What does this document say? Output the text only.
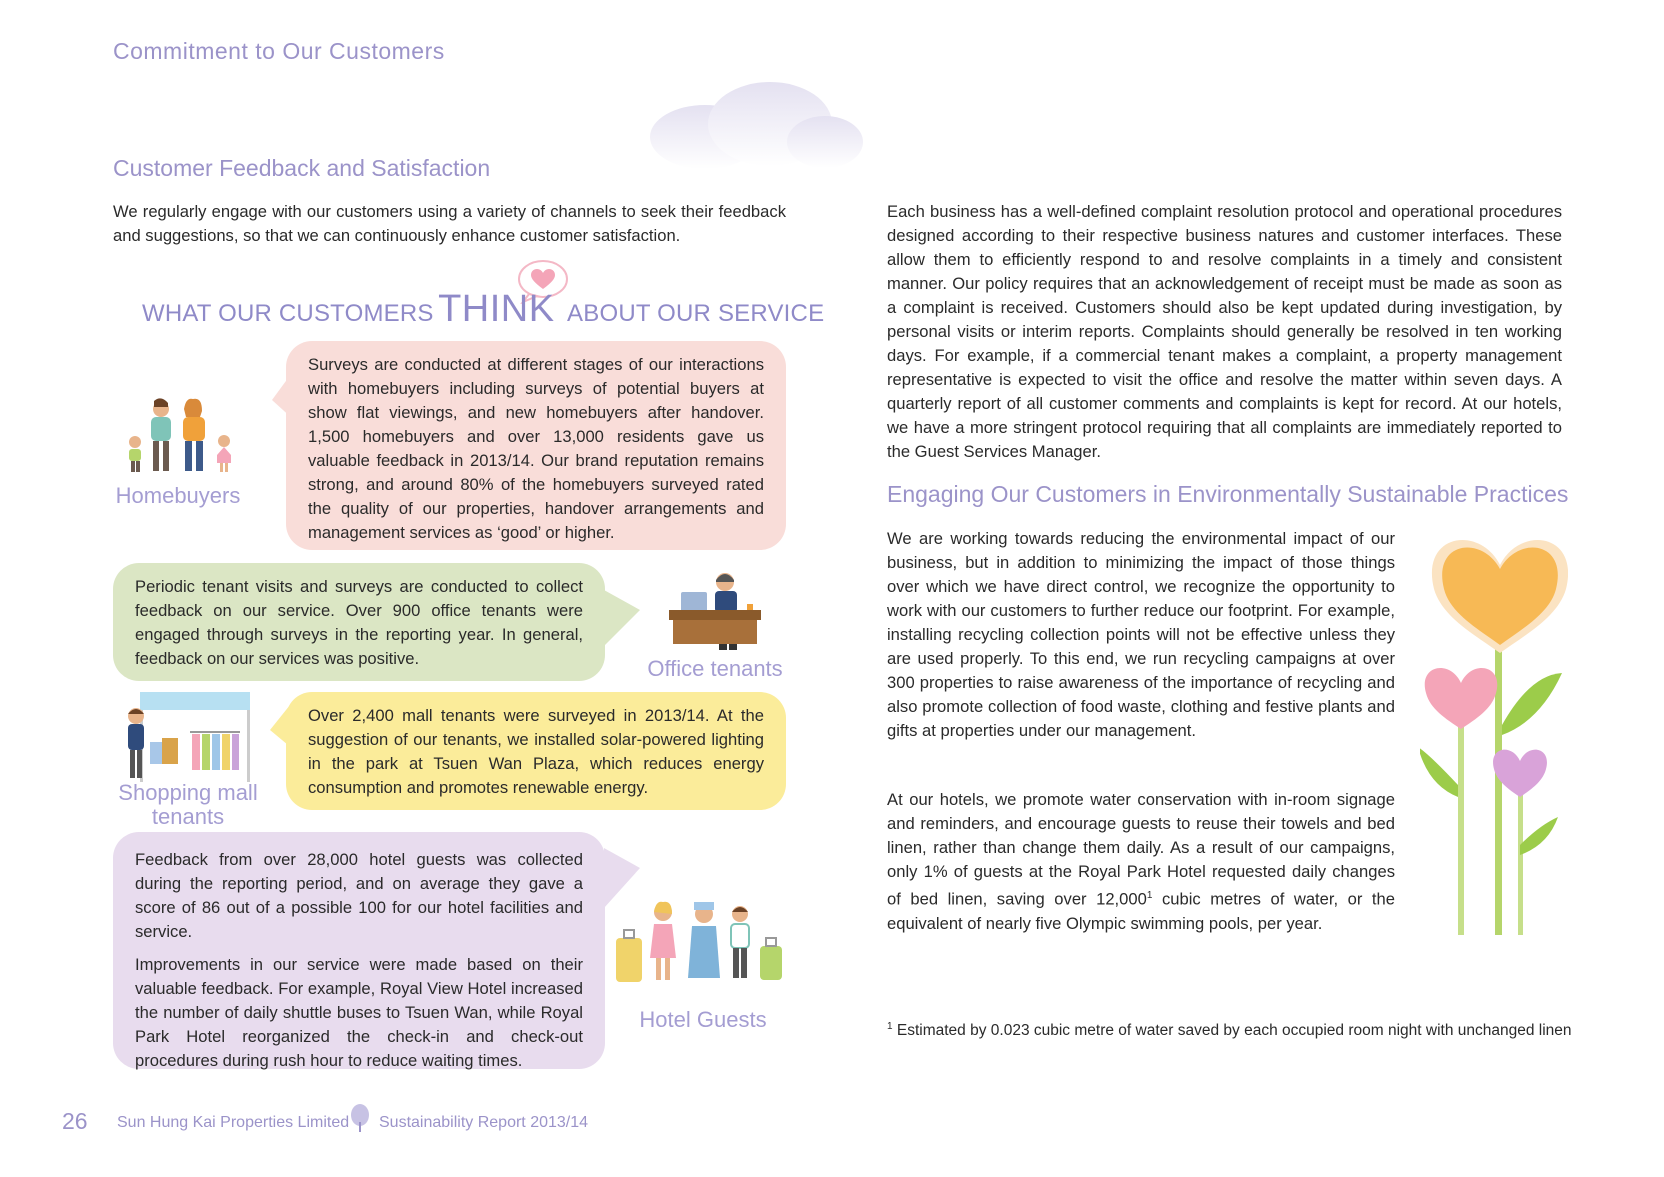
Commitment to Our Customers
Customer Feedback and Satisfaction

We regularly engage with our customers using a variety of channels to seek their feedback and suggestions, so that we can continuously enhance customer satisfaction.

WHAT OUR CUSTOMERS THINK ABOUT OUR SERVICE
Homebuyers

Surveys are conducted at different stages of our interactions with homebuyers including surveys of potential buyers at show flat viewings, and new homebuyers after handover. 1,500 homebuyers and over 13,000 residents gave us valuable feedback in 2013/14. Our brand reputation remains strong, and around 80% of the homebuyers surveyed rated the quality of our properties, handover arrangements and management services as ‘good’ or higher.

Periodic tenant visits and surveys are conducted to collect feedback on our service. Over 900 office tenants were engaged through surveys in the reporting year. In general, feedback on our services was positive.	Office tenants
Shopping mall
tenants

Over 2,400 mall tenants were surveyed in 2013/14. At the suggestion of our tenants, we installed solar-powered lighting in the park at Tsuen Wan Plaza, which reduces energy consumption and promotes renewable energy.

Feedback from over 28,000 hotel guests was collected during the reporting period, and on average they gave a score of 86 out of a possible 100 for our hotel facilities and service.

Improvements in our service were made based on their valuable feedback. For example, Royal View Hotel increased the number of daily shuttle buses to Tsuen Wan, while Royal Park Hotel reorganized the check-in and check-out procedures during rush hour to reduce waiting times.

Hotel Guests

Each business has a well-defined complaint resolution protocol and operational procedures designed according to their respective business natures and customer interfaces. These allow them to efficiently respond to and resolve complaints in a timely and consistent manner. Our policy requires that an acknowledgement of receipt must be made as soon as a complaint is received. Customers should also be kept updated during investigation, by personal visits or interim reports. Complaints should generally be resolved in ten working days. For example, if a commercial tenant makes a complaint, a property management representative is expected to visit the office and resolve the matter within seven days. A quarterly report of all customer comments and complaints is kept for record. At our hotels, we have a more stringent protocol requiring that all complaints are immediately reported to the Guest Services Manager.

Engaging Our Customers in Environmentally Sustainable Practices

We are working towards reducing the environmental impact of our business, but in addition to minimizing the impact of those things over which we have direct control, we recognize the opportunity to work with our customers to further reduce our footprint. For example, installing recycling collection points will not be effective unless they are used properly. To this end, we run recycling campaigns at over 300 properties to raise awareness of the importance of recycling and also promote collection of food waste, clothing and festive plants and gifts at properties under our management.

At our hotels, we promote water conservation with in-room signage and reminders, and encourage guests to reuse their towels and bed linen, rather than change them daily. As a result of our campaigns, only 1% of guests at the Royal Park Hotel requested daily changes of bed linen, saving over 12,000$^1$ cubic metres of water, or the equivalent of nearly five Olympic swimming pools, per year.

$^1$ Estimated by 0.023 cubic metre of water saved by each occupied room night with unchanged linen
26 Sun Hung Kai Properties Limited Sustainability Report 2013/14
